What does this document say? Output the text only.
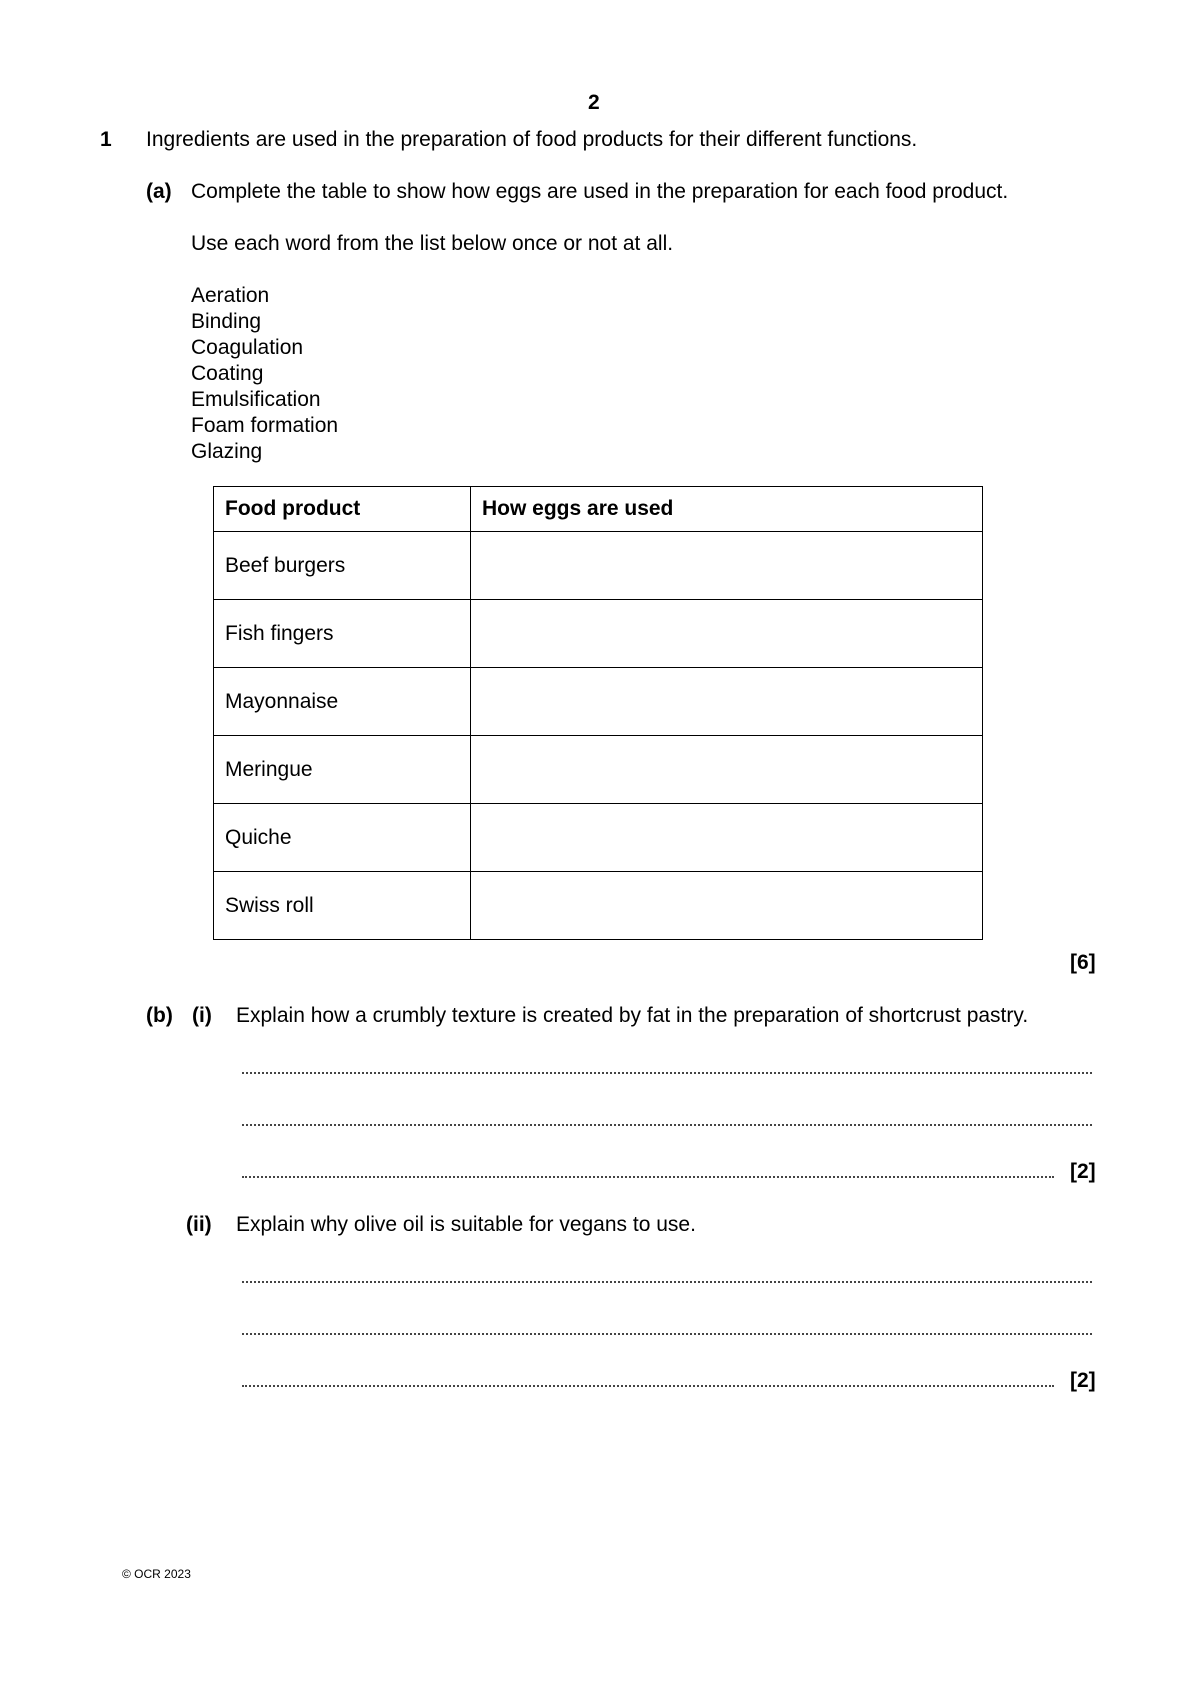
2
1 Ingredients are used in the preparation of food products for their different functions.
(a) Complete the table to show how eggs are used in the preparation for each food product.
Use each word from the list below once or not at all.
Aeration
Binding
Coagulation
Coating
Emulsification
Foam formation
Glazing
Food product	How eggs are used
Beef burgers	
Fish fingers	
Mayonnaise	
Meringue	
Quiche	
Swiss roll	
[6]
(b) (i) Explain how a crumbly texture is created by fat in the preparation of shortcrust pastry.
[2]
(ii) Explain why olive oil is suitable for vegans to use.
[2]
© OCR 2023
